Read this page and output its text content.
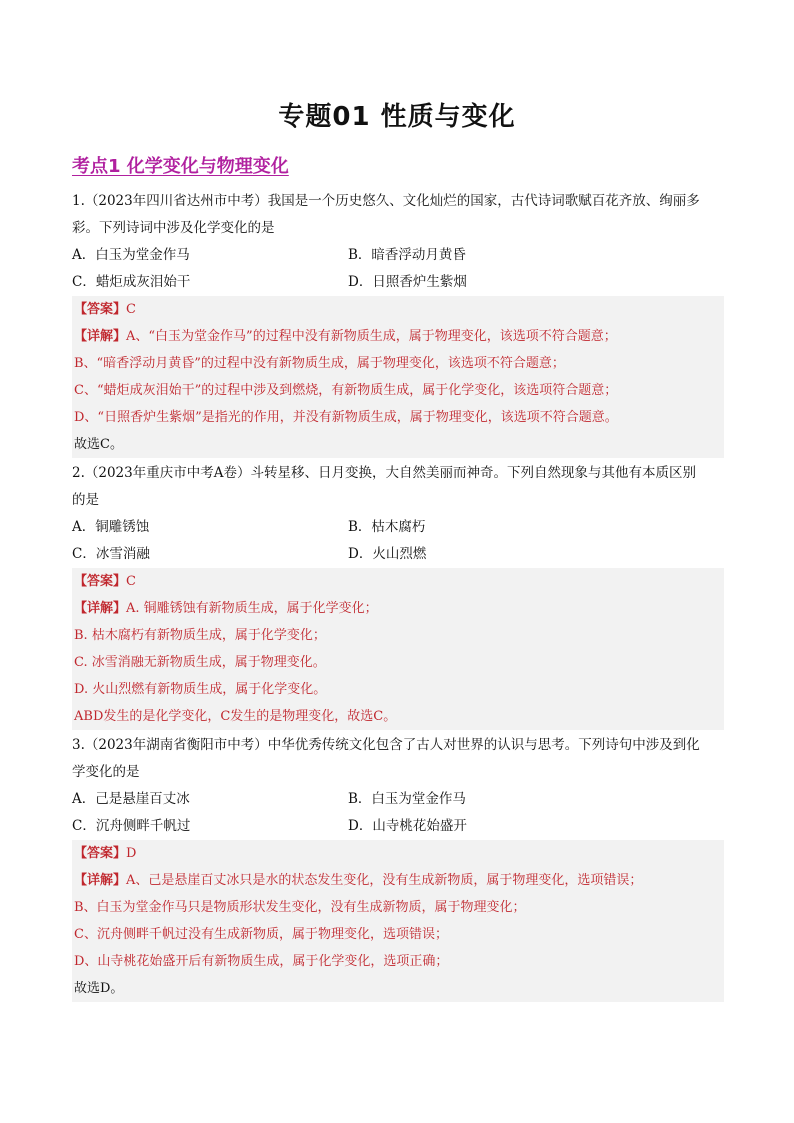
专题01 性质与变化
考点1 化学变化与物理变化
1.（2023年四川省达州市中考）我国是一个历史悠久、文化灿烂的国家，古代诗词歌赋百花齐放、绚丽多
彩。下列诗词中涉及化学变化的是
A．白玉为堂金作马	B．暗香浮动月黄昏
C．蜡炬成灰泪始干	D．日照香炉生紫烟
【答案】C
【详解】A、“白玉为堂金作马”的过程中没有新物质生成，属于物理变化，该选项不符合题意；
B、“暗香浮动月黄昏”的过程中没有新物质生成，属于物理变化，该选项不符合题意；
C、“蜡炬成灰泪始干”的过程中涉及到燃烧，有新物质生成，属于化学变化，该选项符合题意；
D、“日照香炉生紫烟”是指光的作用，并没有新物质生成，属于物理变化，该选项不符合题意。
故选C。
2.（2023年重庆市中考A卷）斗转星移、日月变换，大自然美丽而神奇。下列自然现象与其他有本质区别
的是
A．铜雕锈蚀	B．枯木腐朽
C．冰雪消融	D．火山烈燃
【答案】C
【详解】A. 铜雕锈蚀有新物质生成，属于化学变化；
B. 枯木腐朽有新物质生成，属于化学变化；
C. 冰雪消融无新物质生成，属于物理变化。
D. 火山烈燃有新物质生成，属于化学变化。
ABD发生的是化学变化，C发生的是物理变化，故选C。
3.（2023年湖南省衡阳市中考）中华优秀传统文化包含了古人对世界的认识与思考。下列诗句中涉及到化
学变化的是
A．己是悬崖百丈冰	B．白玉为堂金作马
C．沉舟侧畔千帆过	D．山寺桃花始盛开
【答案】D
【详解】A、己是悬崖百丈冰只是水的状态发生变化，没有生成新物质，属于物理变化，选项错误；
B、白玉为堂金作马只是物质形状发生变化，没有生成新物质，属于物理变化；
C、沉舟侧畔千帆过没有生成新物质，属于物理变化，选项错误；
D、山寺桃花始盛开后有新物质生成，属于化学变化，选项正确；
故选D。
